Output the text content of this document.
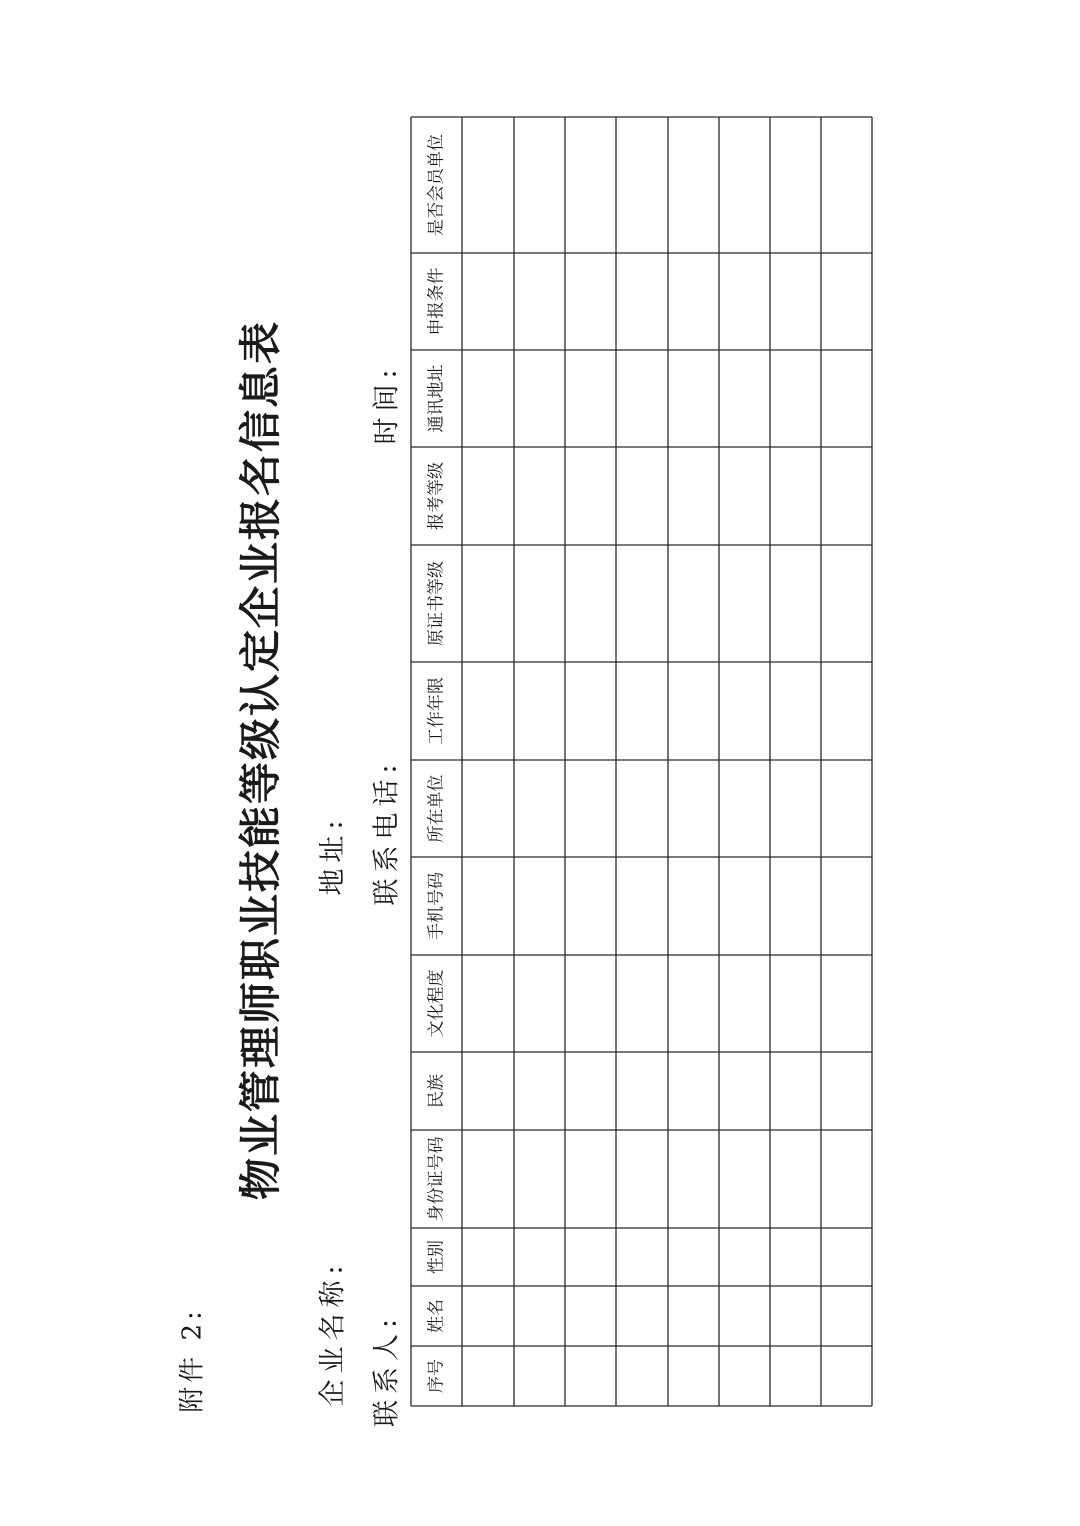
附件 2:
物业管理师职业技能等级认定企业报名信息表
企业名称:
地址:
联系人:
联系电话:
时间:
序号
姓名
性别
身份证号码
民族
文化程度
手机号码
所在单位
工作年限
原证书等级
报考等级
通讯地址
申报条件
是否会员单位
